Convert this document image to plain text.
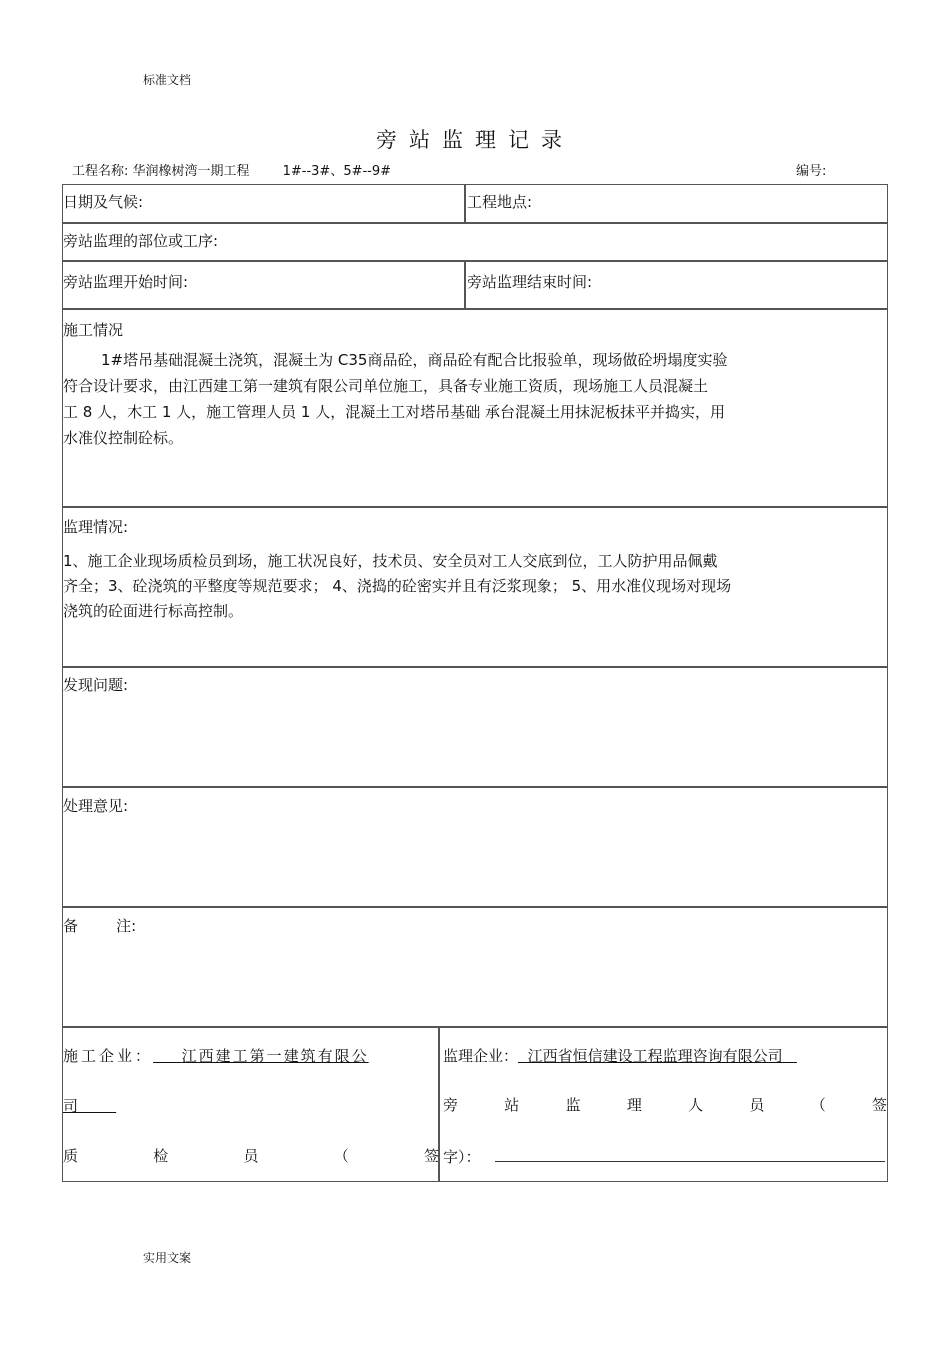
标准文档
旁站监理记录
工程名称: 华润橡树湾一期工程	1#--3#、5#--9#	编号:
日期及气候:	工程地点:
旁站监理的部位或工序:
旁站监理开始时间:	旁站监理结束时间:
施工情况
1#塔吊基础混凝土浇筑，混凝土为 C35商品砼，商品砼有配合比报验单，现场做砼坍塌度实验
符合设计要求，由江西建工第一建筑有限公司单位施工，具备专业施工资质，现场施工人员混凝土
工 8 人，木工 1 人，施工管理人员 1 人，混凝土工对塔吊基础 承台混凝土用抹泥板抹平并捣实，用
水准仪控制砼标。
监理情况:
1、施工企业现场质检员到场，施工状况良好，技术员、安全员对工人交底到位，工人防护用品佩戴
齐全；3、砼浇筑的平整度等规范要求； 4、浇捣的砼密实并且有泛浆现象； 5、用水准仪现场对现场
浇筑的砼面进行标高控制。
发现问题:
处理意见:
备        注:
施工企业： 江西建工第一建筑有限公
司
质	检	员	（	签
监理企业： 江西省恒信建设工程监理咨询有限公司
旁	站	监	理	人	员	（	签
字）：
实用文案
